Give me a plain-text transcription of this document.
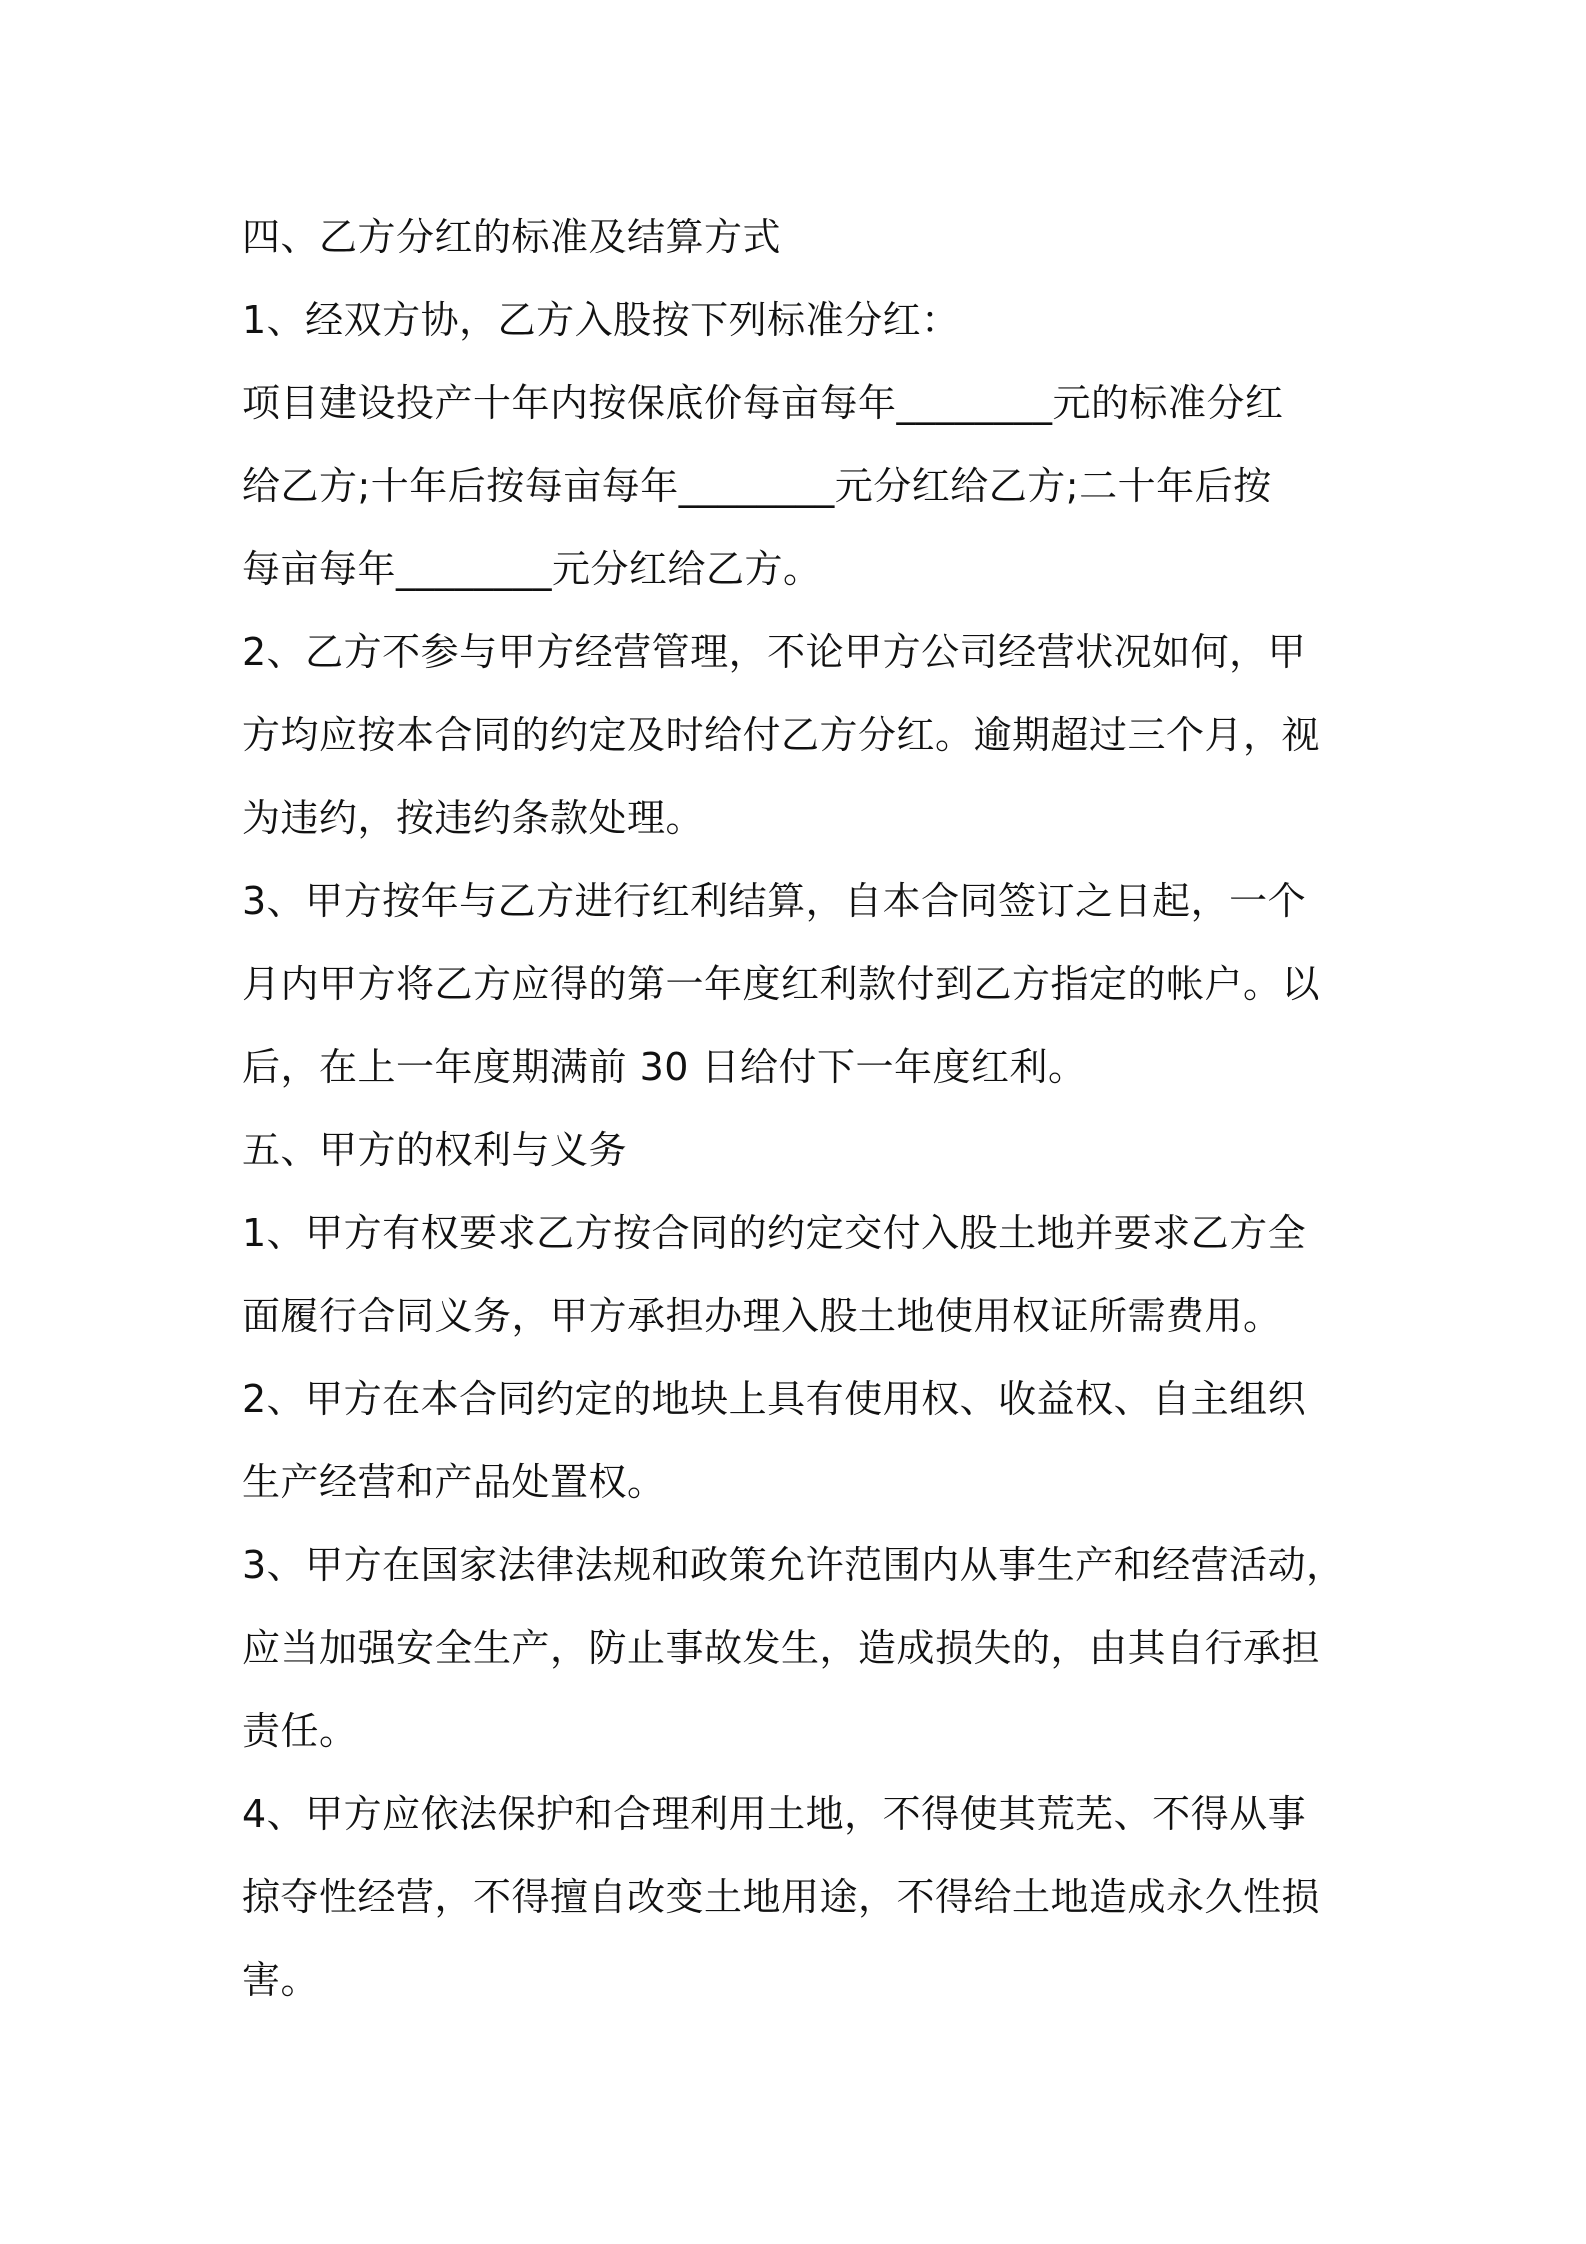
四、乙方分红的标准及结算方式
1、经双方协，乙方入股按下列标准分红：
项目建设投产十年内按保底价每亩每年________元的标准分红
给乙方;十年后按每亩每年________元分红给乙方;二十年后按
每亩每年________元分红给乙方。
2、乙方不参与甲方经营管理，不论甲方公司经营状况如何，甲
方均应按本合同的约定及时给付乙方分红。逾期超过三个月，视
为违约，按违约条款处理。
3、甲方按年与乙方进行红利结算，自本合同签订之日起，一个
月内甲方将乙方应得的第一年度红利款付到乙方指定的帐户。以
后，在上一年度期满前 30 日给付下一年度红利。
五、甲方的权利与义务
1、甲方有权要求乙方按合同的约定交付入股土地并要求乙方全
面履行合同义务，甲方承担办理入股土地使用权证所需费用。
2、甲方在本合同约定的地块上具有使用权、收益权、自主组织
生产经营和产品处置权。
3、甲方在国家法律法规和政策允许范围内从事生产和经营活动，
应当加强安全生产，防止事故发生，造成损失的，由其自行承担
责任。
4、甲方应依法保护和合理利用土地，不得使其荒芜、不得从事
掠夺性经营，不得擅自改变土地用途，不得给土地造成永久性损
害。
